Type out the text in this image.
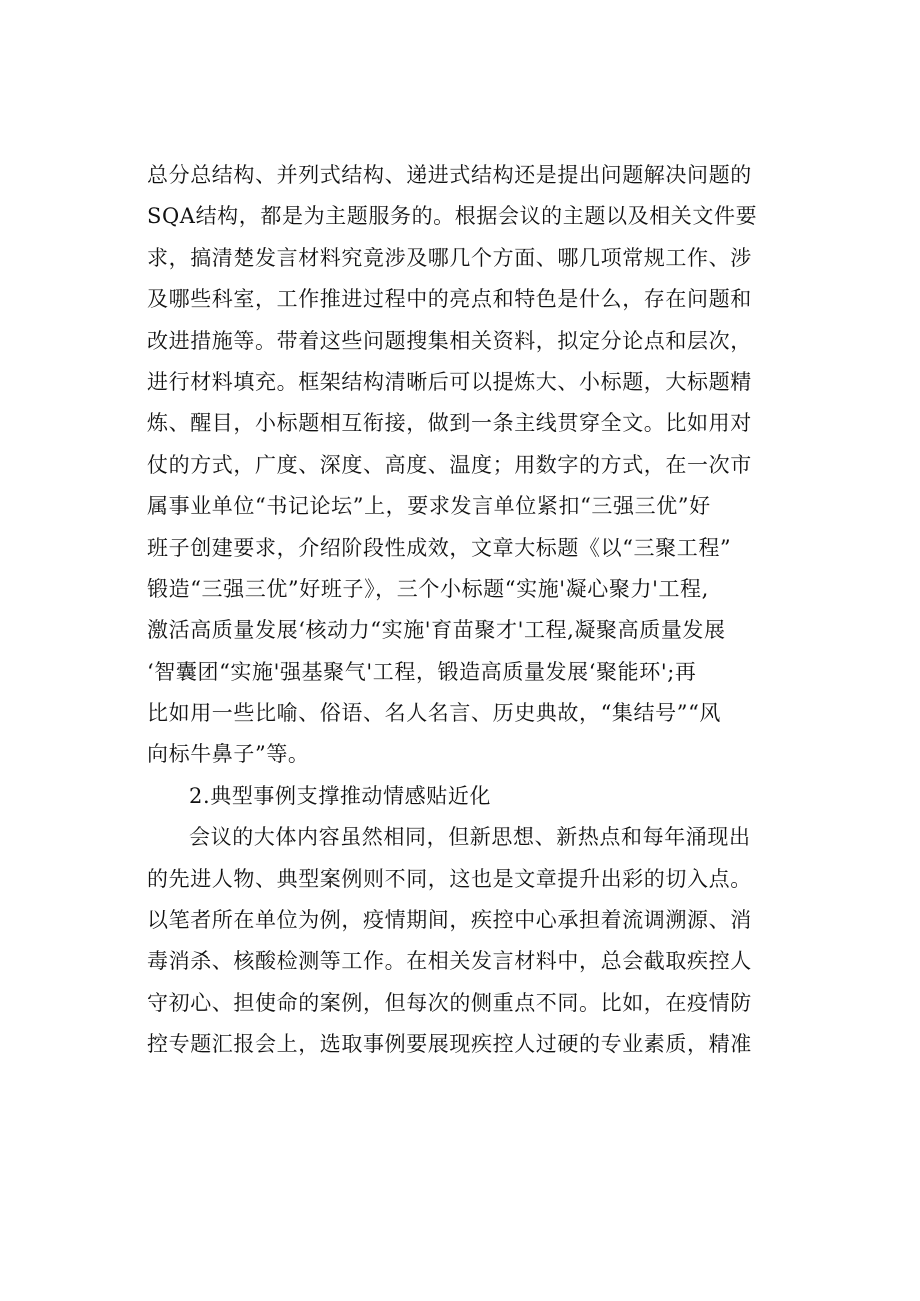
总分总结构、并列式结构、递进式结构还是提出问题解决问题的
SQA结构，都是为主题服务的。根据会议的主题以及相关文件要
求，搞清楚发言材料究竟涉及哪几个方面、哪几项常规工作、涉
及哪些科室，工作推进过程中的亮点和特色是什么，存在问题和
改进措施等。带着这些问题搜集相关资料，拟定分论点和层次，
进行材料填充。框架结构清晰后可以提炼大、小标题，大标题精
炼、醒目，小标题相互衔接，做到一条主线贯穿全文。比如用对
仗的方式，广度、深度、高度、温度；用数字的方式，在一次市
属事业单位“书记论坛”上，要求发言单位紧扣“三强三优”好
班子创建要求，介绍阶段性成效，文章大标题《以“三聚工程”
锻造“三强三优”好班子》，三个小标题“实施'凝心聚力'工程,
激活高质量发展‘核动力“实施'育苗聚才'工程,凝聚高质量发展
‘智囊团“实施'强基聚气'工程，锻造高质量发展‘聚能环';再
比如用一些比喻、俗语、名人名言、历史典故，“集结号”“风
向标牛鼻子”等。
2.典型事例支撑推动情感贴近化
会议的大体内容虽然相同，但新思想、新热点和每年涌现出
的先进人物、典型案例则不同，这也是文章提升出彩的切入点。
以笔者所在单位为例，疫情期间，疾控中心承担着流调溯源、消
毒消杀、核酸检测等工作。在相关发言材料中，总会截取疾控人
守初心、担使命的案例，但每次的侧重点不同。比如，在疫情防
控专题汇报会上，选取事例要展现疾控人过硬的专业素质，精准
